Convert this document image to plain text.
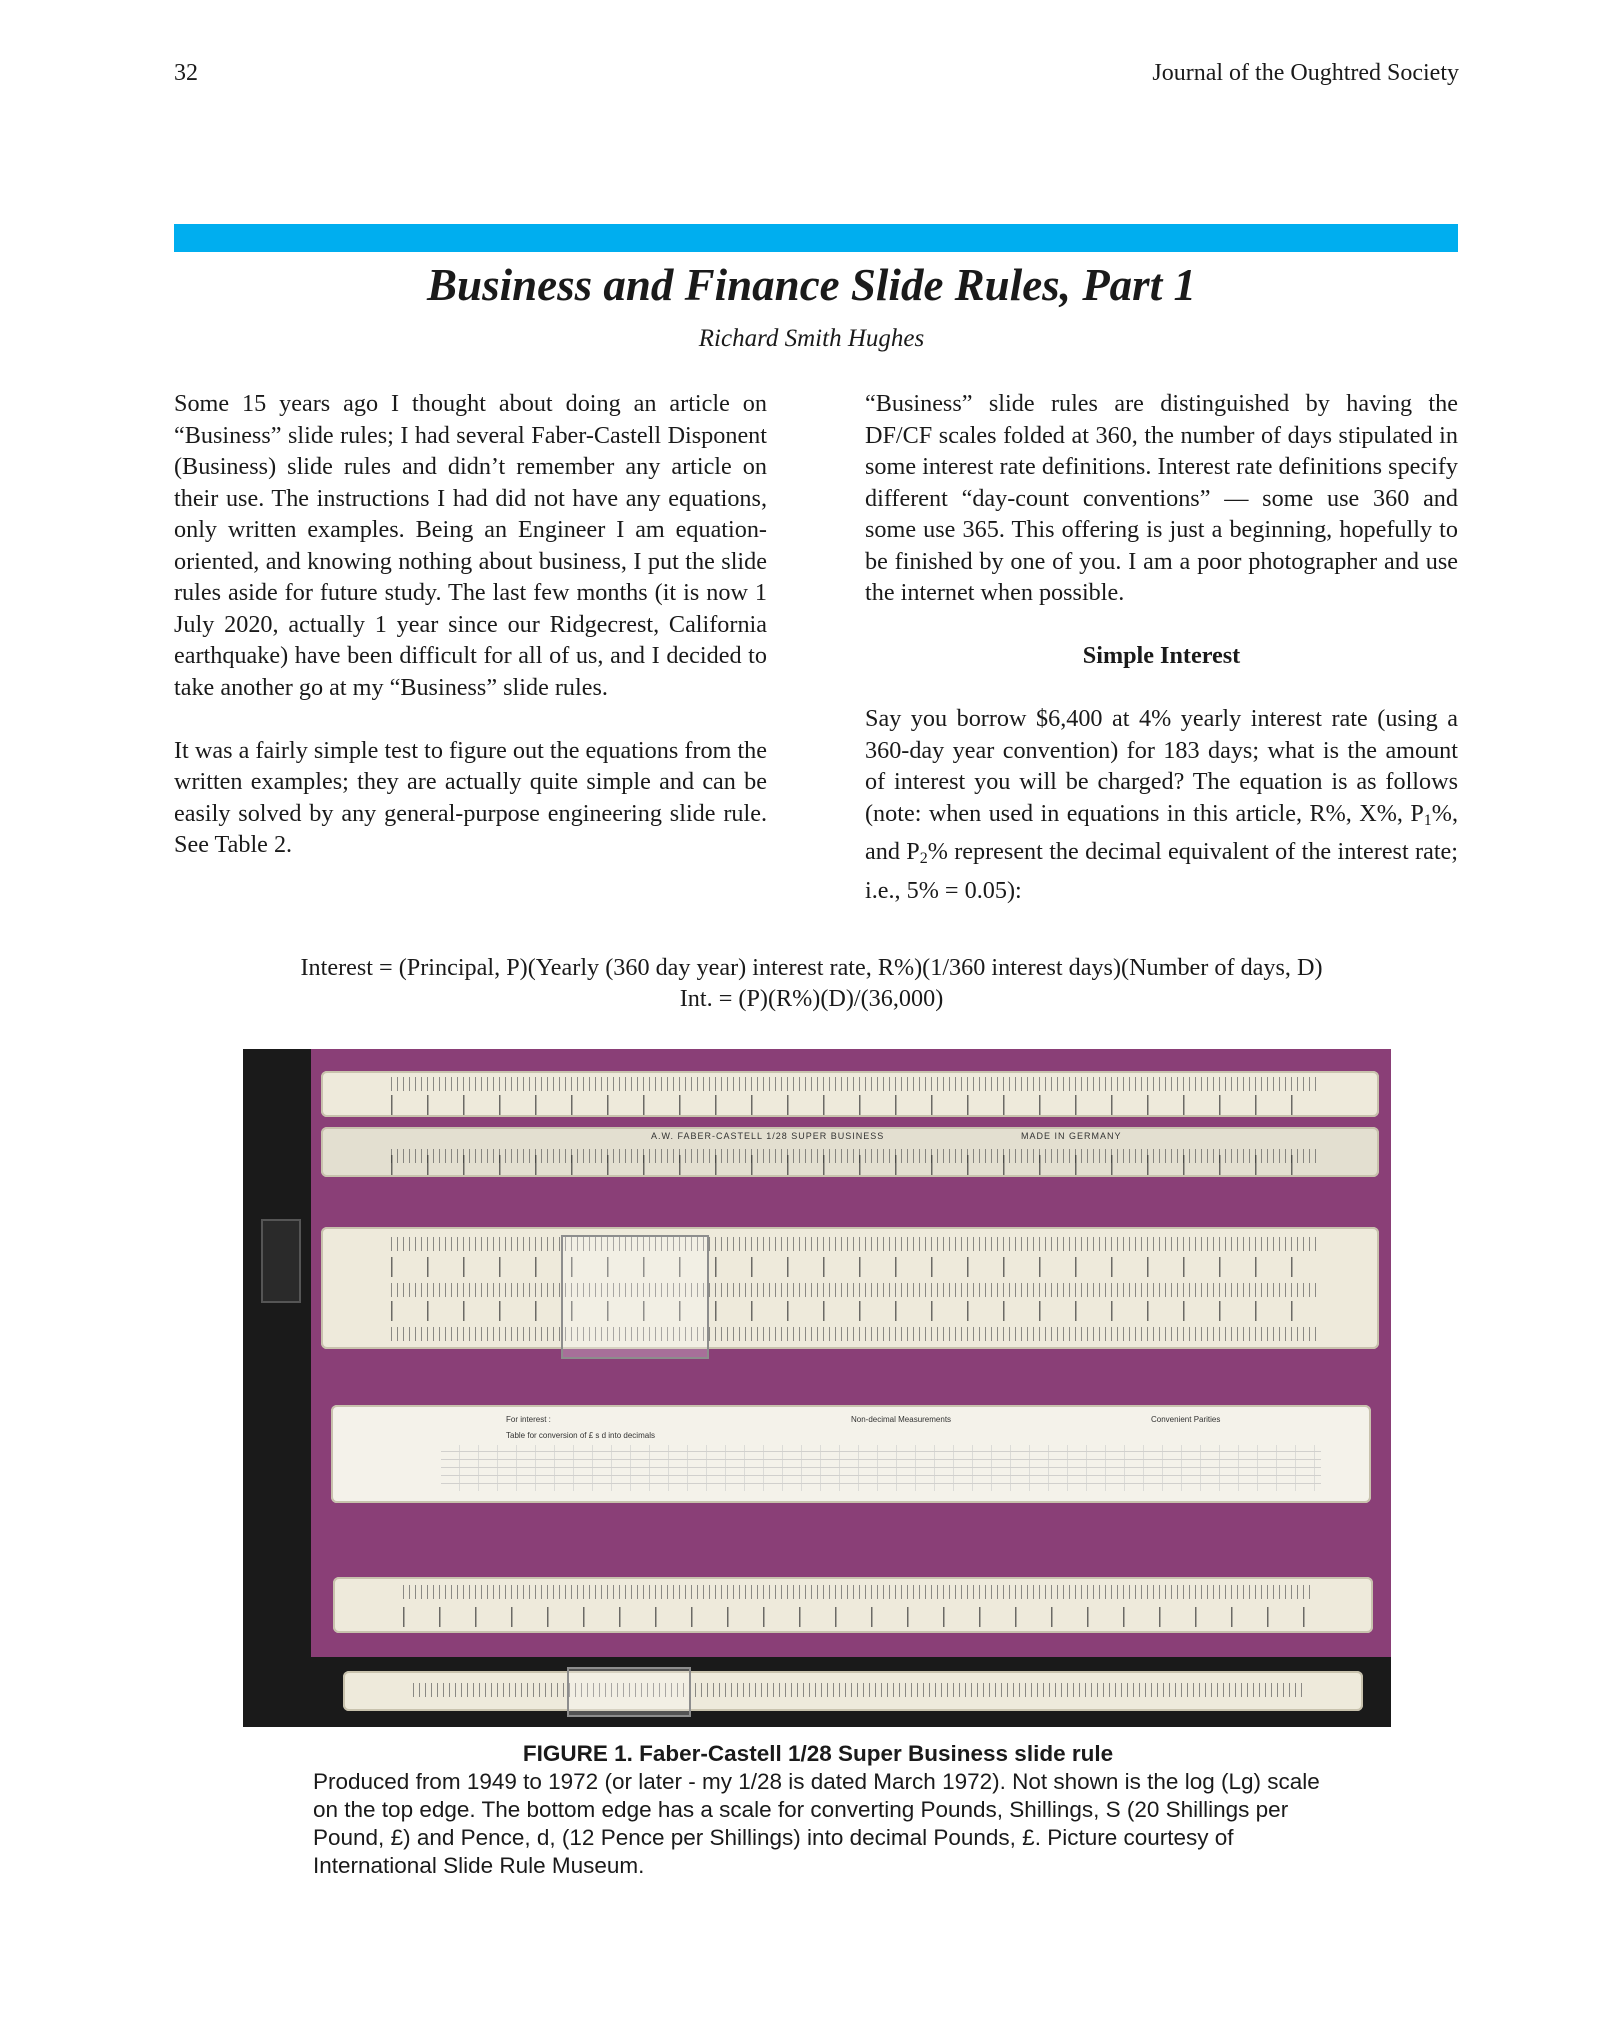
32	Journal of the Oughtred Society
Business and Finance Slide Rules, Part 1
Richard Smith Hughes

Some 15 years ago I thought about doing an article on “Business” slide rules; I had several Faber-Castell Disponent (Business) slide rules and didn’t remember any article on their use. The instructions I had did not have any equations, only written examples. Being an Engineer I am equation-oriented, and knowing nothing about business, I put the slide rules aside for future study. The last few months (it is now 1 July 2020, actually 1 year since our Ridgecrest, California earthquake) have been difficult for all of us, and I decided to take another go at my “Business” slide rules.

It was a fairly simple test to figure out the equations from the written examples; they are actually quite simple and can be easily solved by any general-purpose engineering slide rule. See Table 2.

“Business” slide rules are distinguished by having the DF/CF scales folded at 360, the number of days stipulated in some interest rate definitions. Interest rate definitions specify different “day-count conventions” — some use 360 and some use 365. This offering is just a beginning, hopefully to be finished by one of you. I am a poor photographer and use the internet when possible.

Simple Interest

Say you borrow $6,400 at 4% yearly interest rate (using a 360-day year convention) for 183 days; what is the amount of interest you will be charged? The equation is as follows (note: when used in equations in this article, R%, X%, $P_1\%$, and $P_2\%$ represent the decimal equivalent of the interest rate; i.e., 5% = 0.05):

Interest = (Principal, P)(Yearly (360 day year) interest rate, R%)(1/360 interest days)(Number of days, D)
Int. = (P)(R%)(D)/(36,000)
A.W. FABER-CASTELL 1/28 SUPER BUSINESS	MADE IN GERMANY
For interest :
Table for conversion of £ s d into decimals
Non-decimal Measurements	Convenient Parities
FIGURE 1. Faber-Castell 1/28 Super Business slide rule
Produced from 1949 to 1972 (or later - my 1/28 is dated March 1972). Not shown is the log (Lg) scale on the top edge. The bottom edge has a scale for converting Pounds, Shillings, S (20 Shillings per Pound, £) and Pence, d, (12 Pence per Shillings) into decimal Pounds, £. Picture courtesy of International Slide Rule Museum.
